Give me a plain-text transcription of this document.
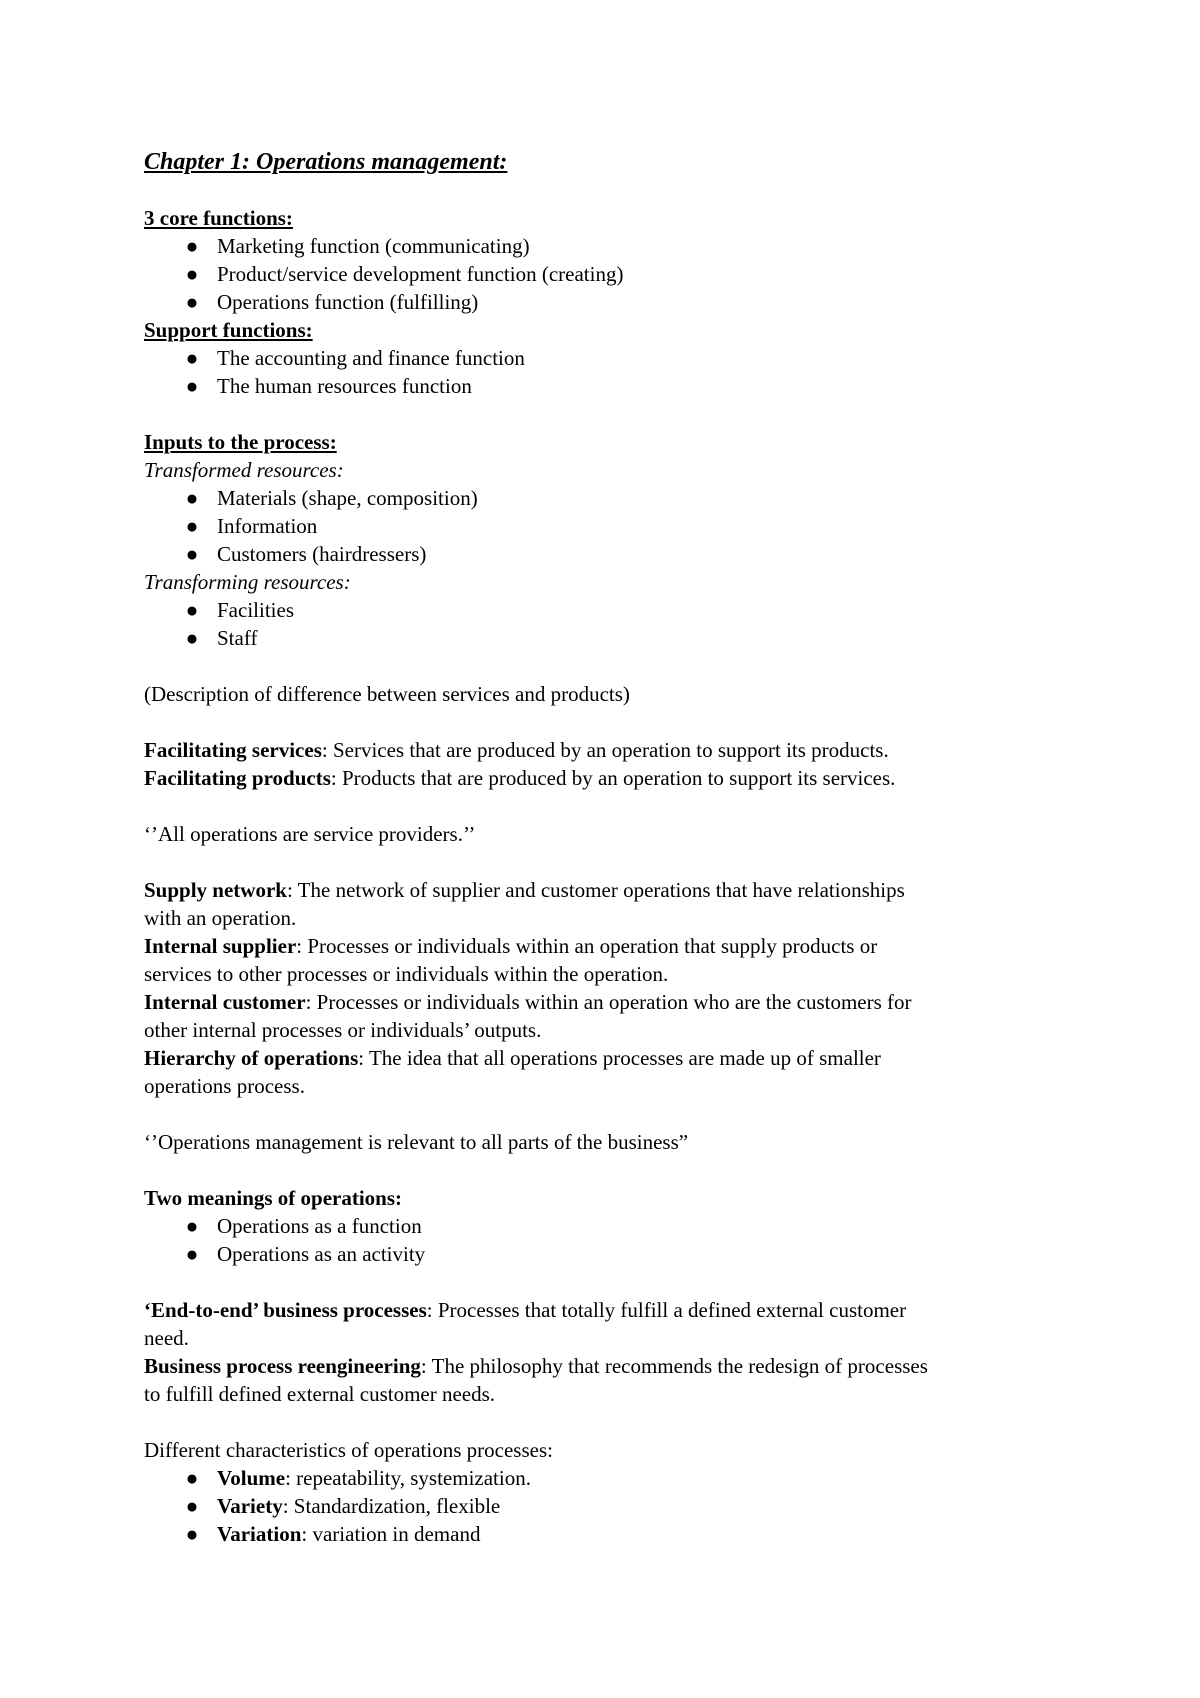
Chapter 1: Operations management:

3 core functions:

● Marketing function (communicating)
● Product/service development function (creating)
● Operations function (fulfilling)

Support functions:

● The accounting and finance function
● The human resources function

Inputs to the process:

Transformed resources:

● Materials (shape, composition)
● Information
● Customers (hairdressers)

Transforming resources:

● Facilities
● Staff

(Description of difference between services and products)

Facilitating services: Services that are produced by an operation to support its products.

Facilitating products: Products that are produced by an operation to support its services.

‘’All operations are service providers.’’

Supply network: The network of supplier and customer operations that have relationships
with an operation.

Internal supplier: Processes or individuals within an operation that supply products or
services to other processes or individuals within the operation.

Internal customer: Processes or individuals within an operation who are the customers for
other internal processes or individuals’ outputs.

Hierarchy of operations: The idea that all operations processes are made up of smaller
operations process.

‘’Operations management is relevant to all parts of the business”

Two meanings of operations:

● Operations as a function
● Operations as an activity

‘End-to-end’ business processes: Processes that totally fulfill a defined external customer
need.

Business process reengineering: The philosophy that recommends the redesign of processes
to fulfill defined external customer needs.

Different characteristics of operations processes:

● Volume: repeatability, systemization.
● Variety: Standardization, flexible
● Variation: variation in demand
